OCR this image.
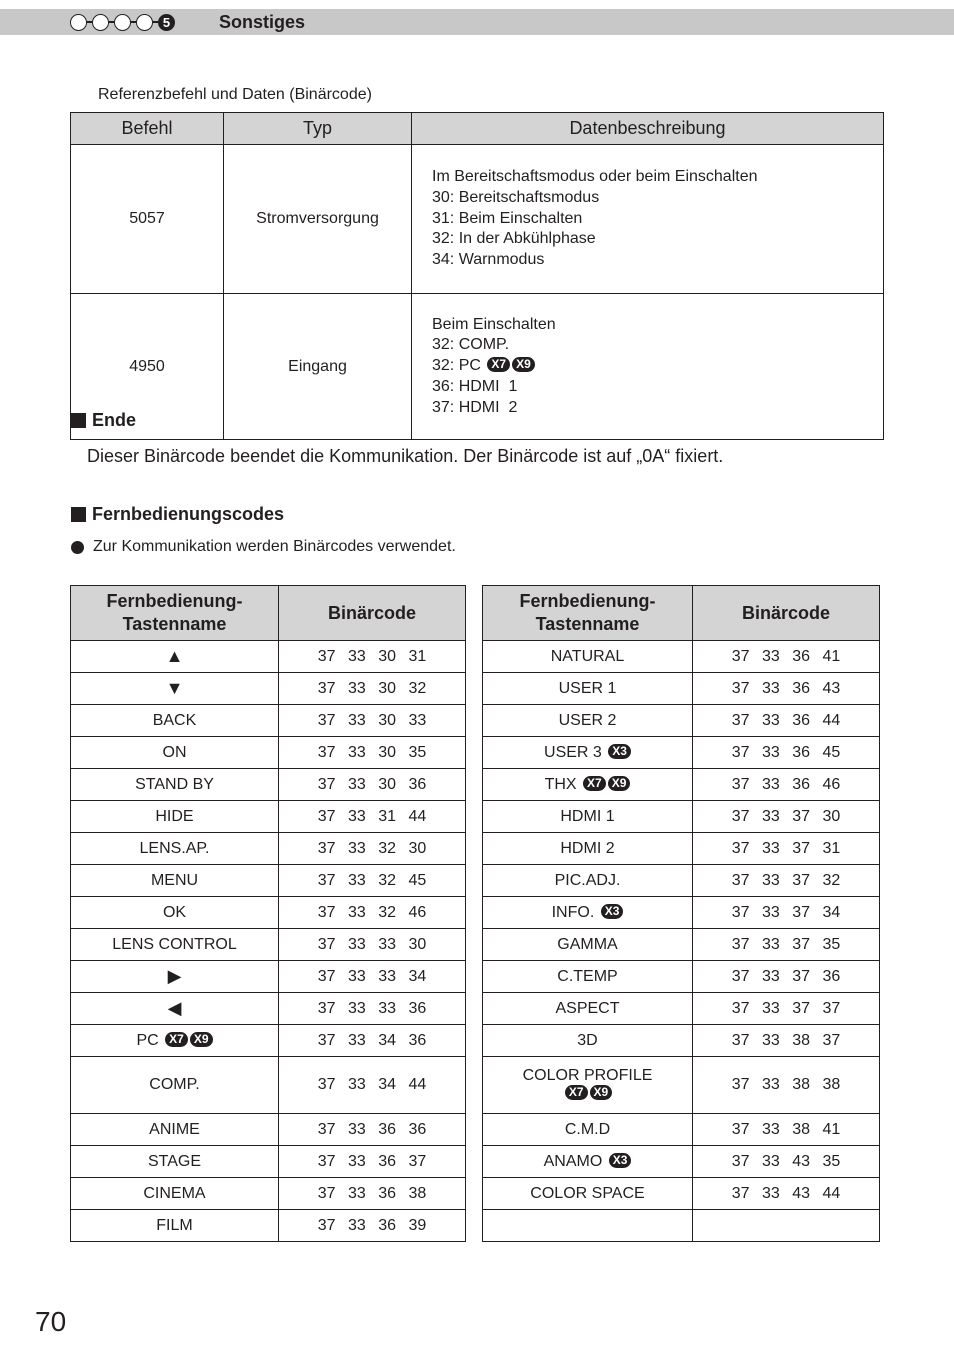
5	Sonstiges
Referenzbefehl und Daten (Binärcode)
Befehl	Typ	Datenbeschreibung
5057	Stromversorgung	Im Bereitschaftsmodus oder beim Einschalten
30: Bereitschaftsmodus
31: Beim Einschalten
32: In der Abkühlphase
34: Warnmodus

4950	Eingang	Beim Einschalten
32: COMP.
32: PC X7 X9
36: HDMI  1
37: HDMI  2
Ende
Dieser Binärcode beendet die Kommunikation. Der Binärcode ist auf „0A“ fixiert.
Fernbedienungscodes
Zur Kommunikation werden Binärcodes verwendet.
Fernbedienung-
Tastenname	Binärcode
▲	37 33 30 31
▼	37 33 30 32
BACK	37 33 30 33
ON	37 33 30 35
STAND BY	37 33 30 36
HIDE	37 33 31 44
LENS.AP.	37 33 32 30
MENU	37 33 32 45
OK	37 33 32 46
LENS CONTROL	37 33 33 30
▶	37 33 33 34
◀	37 33 33 36
PC X7 X9	37 33 34 36
COMP.	37 33 34 44
ANIME	37 33 36 36
STAGE	37 33 36 37
CINEMA	37 33 36 38
FILM	37 33 36 39
Fernbedienung-
Tastenname	Binärcode
NATURAL	37 33 36 41
USER 1	37 33 36 43
USER 2	37 33 36 44
USER 3 X3	37 33 36 45
THX X7 X9	37 33 36 46
HDMI 1	37 33 37 30
HDMI 2	37 33 37 31
PIC.ADJ.	37 33 37 32
INFO. X3	37 33 37 34
GAMMA	37 33 37 35
C.TEMP	37 33 37 36
ASPECT	37 33 37 37
3D	37 33 38 37

COLOR PROFILE
X7 X9	37 33 38 38
C.M.D	37 33 38 41
ANAMO X3	37 33 43 35
COLOR SPACE	37 33 43 44

70
